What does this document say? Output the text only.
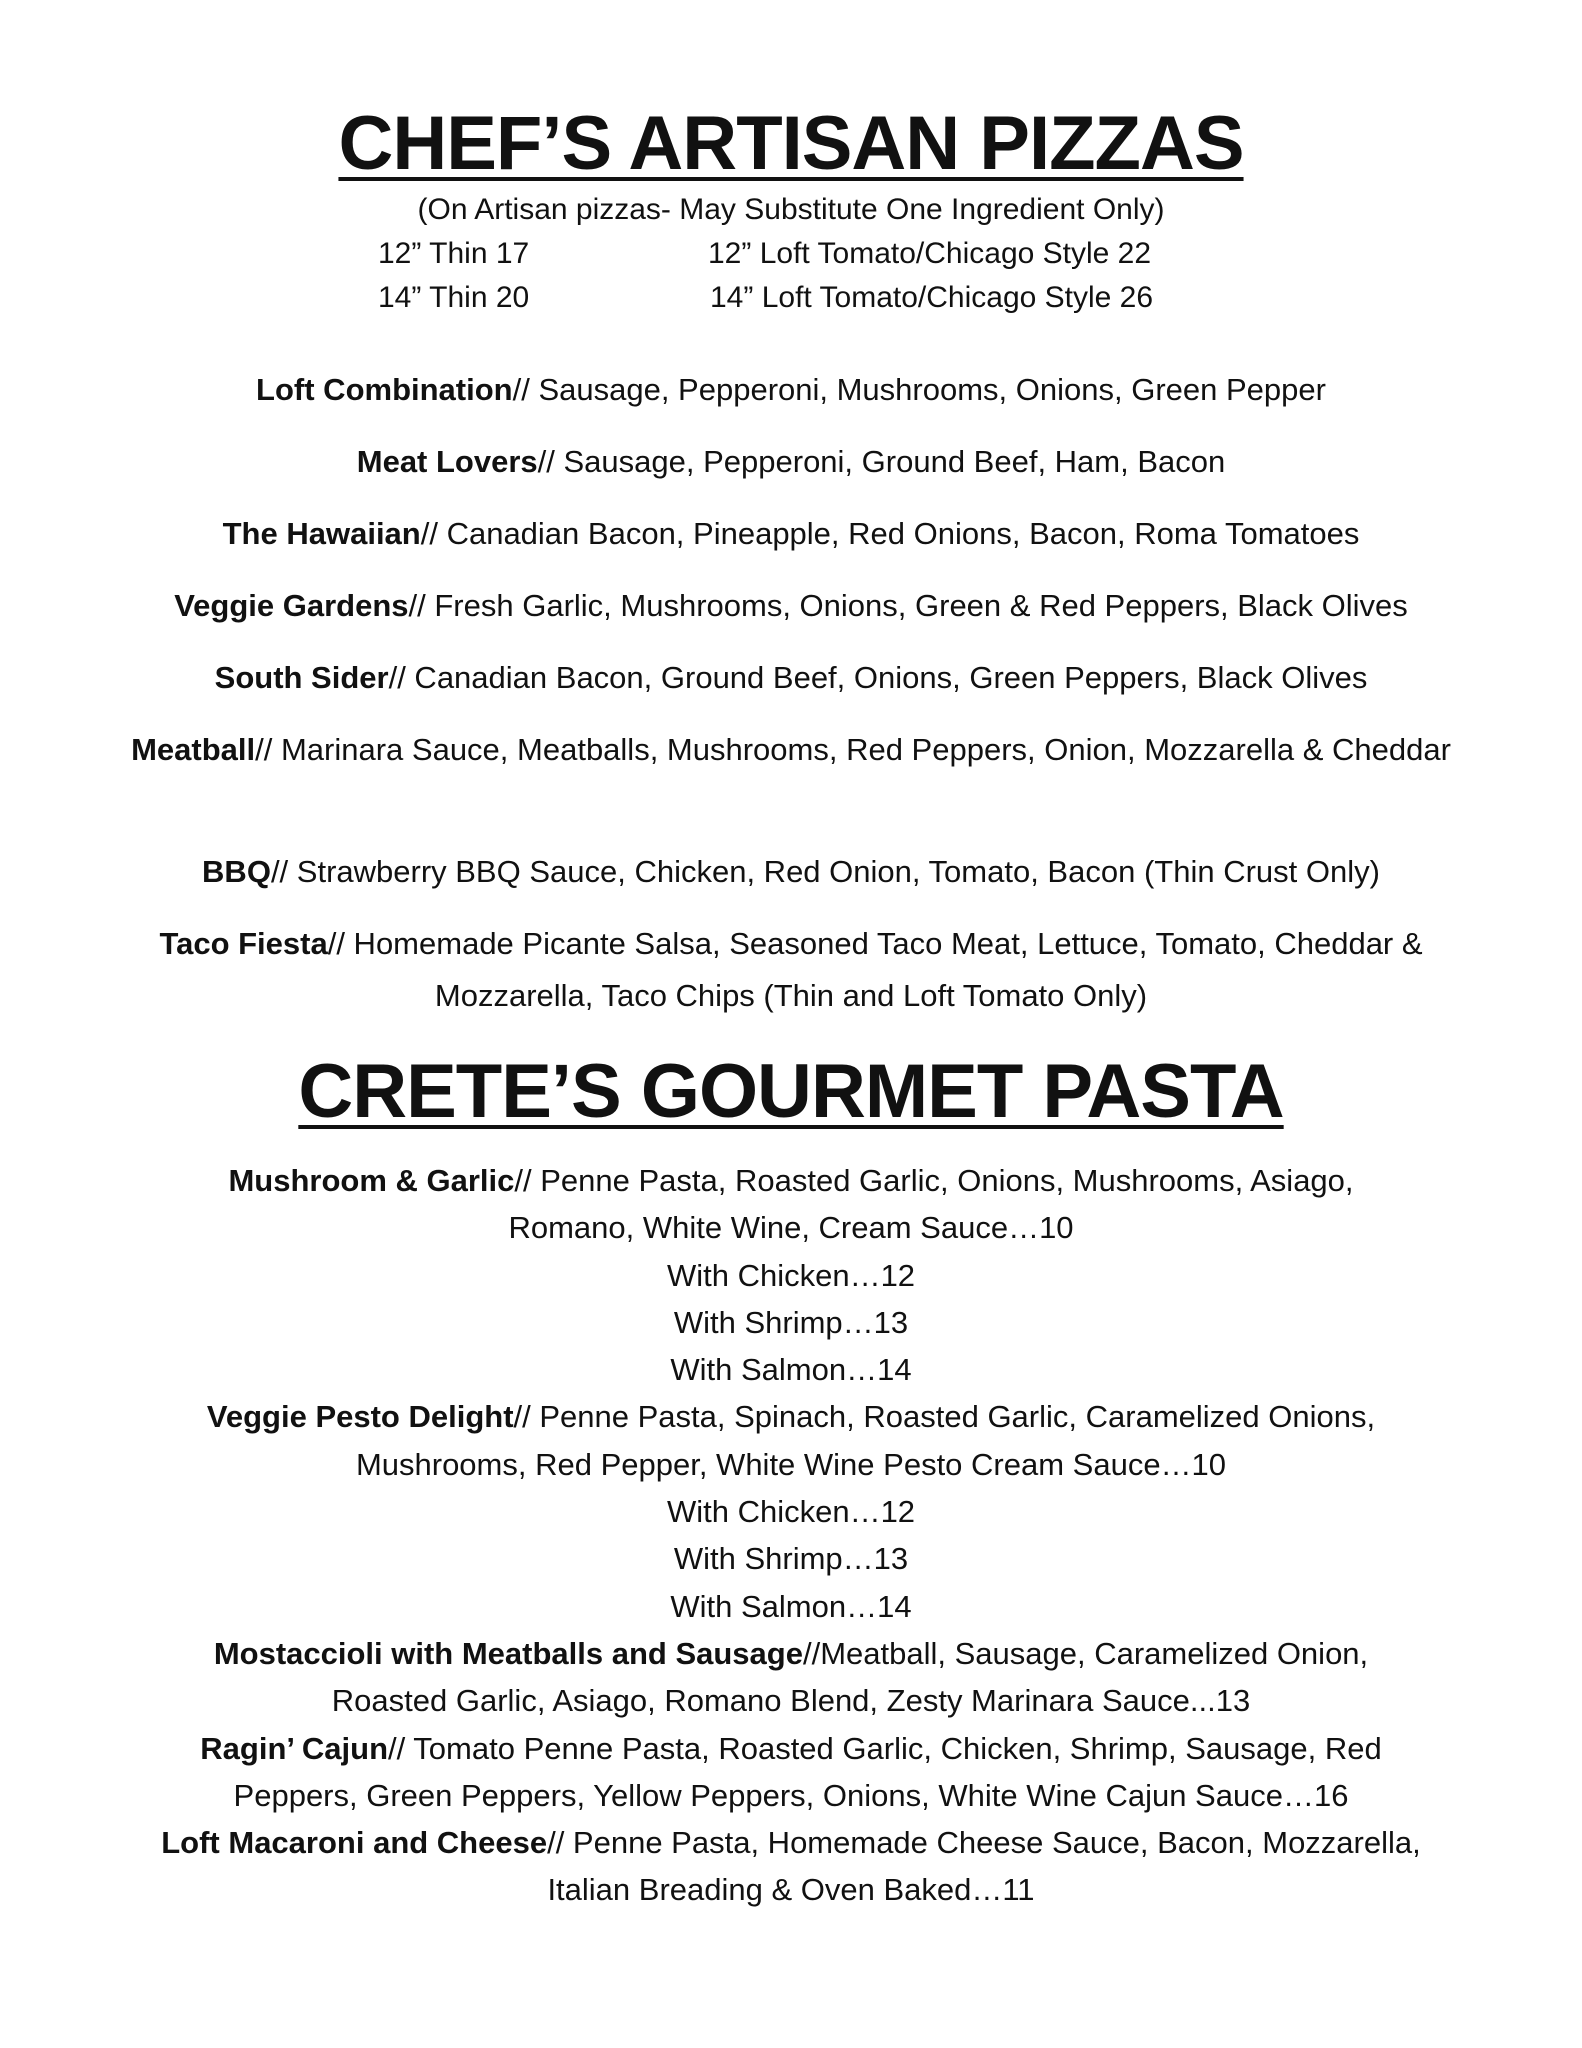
CHEF’S ARTISAN PIZZAS
(On Artisan pizzas- May Substitute One Ingredient Only)
12” Thin 17	12” Loft Tomato/Chicago Style 22
14” Thin 20	14” Loft Tomato/Chicago Style 26
Loft Combination// Sausage, Pepperoni, Mushrooms, Onions, Green Pepper
Meat Lovers// Sausage, Pepperoni, Ground Beef, Ham, Bacon
The Hawaiian// Canadian Bacon, Pineapple, Red Onions, Bacon, Roma Tomatoes
Veggie Gardens// Fresh Garlic, Mushrooms, Onions, Green & Red Peppers, Black Olives
South Sider// Canadian Bacon, Ground Beef, Onions, Green Peppers, Black Olives
Meatball// Marinara Sauce, Meatballs, Mushrooms, Red Peppers, Onion, Mozzarella & Cheddar
BBQ// Strawberry BBQ Sauce, Chicken, Red Onion, Tomato, Bacon (Thin Crust Only)
Taco Fiesta// Homemade Picante Salsa, Seasoned Taco Meat, Lettuce, Tomato, Cheddar & Mozzarella, Taco Chips (Thin and Loft Tomato Only)
CRETE’S GOURMET PASTA
Mushroom & Garlic// Penne Pasta, Roasted Garlic, Onions, Mushrooms, Asiago,
Romano, White Wine, Cream Sauce…10
With Chicken…12
With Shrimp…13
With Salmon…14
Veggie Pesto Delight// Penne Pasta, Spinach, Roasted Garlic, Caramelized Onions,
Mushrooms, Red Pepper, White Wine Pesto Cream Sauce…10
With Chicken…12
With Shrimp…13
With Salmon…14
Mostaccioli with Meatballs and Sausage//Meatball, Sausage, Caramelized Onion,
Roasted Garlic, Asiago, Romano Blend, Zesty Marinara Sauce...13
Ragin’ Cajun// Tomato Penne Pasta, Roasted Garlic, Chicken, Shrimp, Sausage, Red
Peppers, Green Peppers, Yellow Peppers, Onions, White Wine Cajun Sauce…16
Loft Macaroni and Cheese// Penne Pasta, Homemade Cheese Sauce, Bacon, Mozzarella,
Italian Breading & Oven Baked…11
